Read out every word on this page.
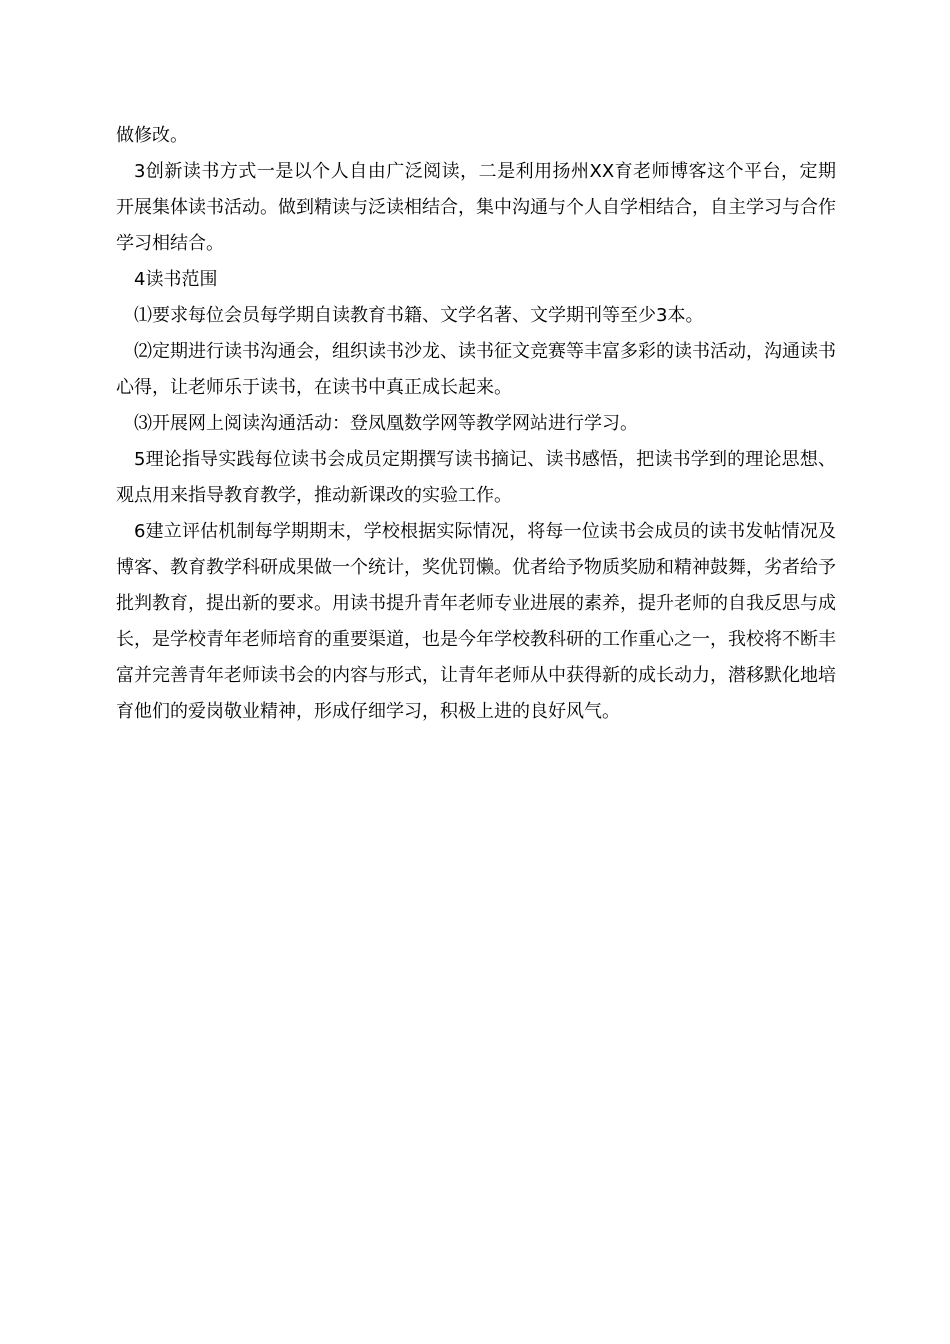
做修改。

3创新读书方式一是以个人自由广泛阅读，二是利用扬州XX育老师博客这个平台，定期开展集体读书活动。做到精读与泛读相结合，集中沟通与个人自学相结合，自主学习与合作学习相结合。

4读书范围

⑴要求每位会员每学期自读教育书籍、文学名著、文学期刊等至少3本。

⑵定期进行读书沟通会，组织读书沙龙、读书征文竞赛等丰富多彩的读书活动，沟通读书心得，让老师乐于读书，在读书中真正成长起来。

⑶开展网上阅读沟通活动：登凤凰数学网等教学网站进行学习。

5理论指导实践每位读书会成员定期撰写读书摘记、读书感悟，把读书学到的理论思想、观点用来指导教育教学，推动新课改的实验工作。

6建立评估机制每学期期末，学校根据实际情况，将每一位读书会成员的读书发帖情况及博客、教育教学科研成果做一个统计，奖优罚懒。优者给予物质奖励和精神鼓舞，劣者给予批判教育，提出新的要求。用读书提升青年老师专业进展的素养，提升老师的自我反思与成长，是学校青年老师培育的重要渠道，也是今年学校教科研的工作重心之一，我校将不断丰富并完善青年老师读书会的内容与形式，让青年老师从中获得新的成长动力，潜移默化地培育他们的爱岗敬业精神，形成仔细学习，积极上进的良好风气。
